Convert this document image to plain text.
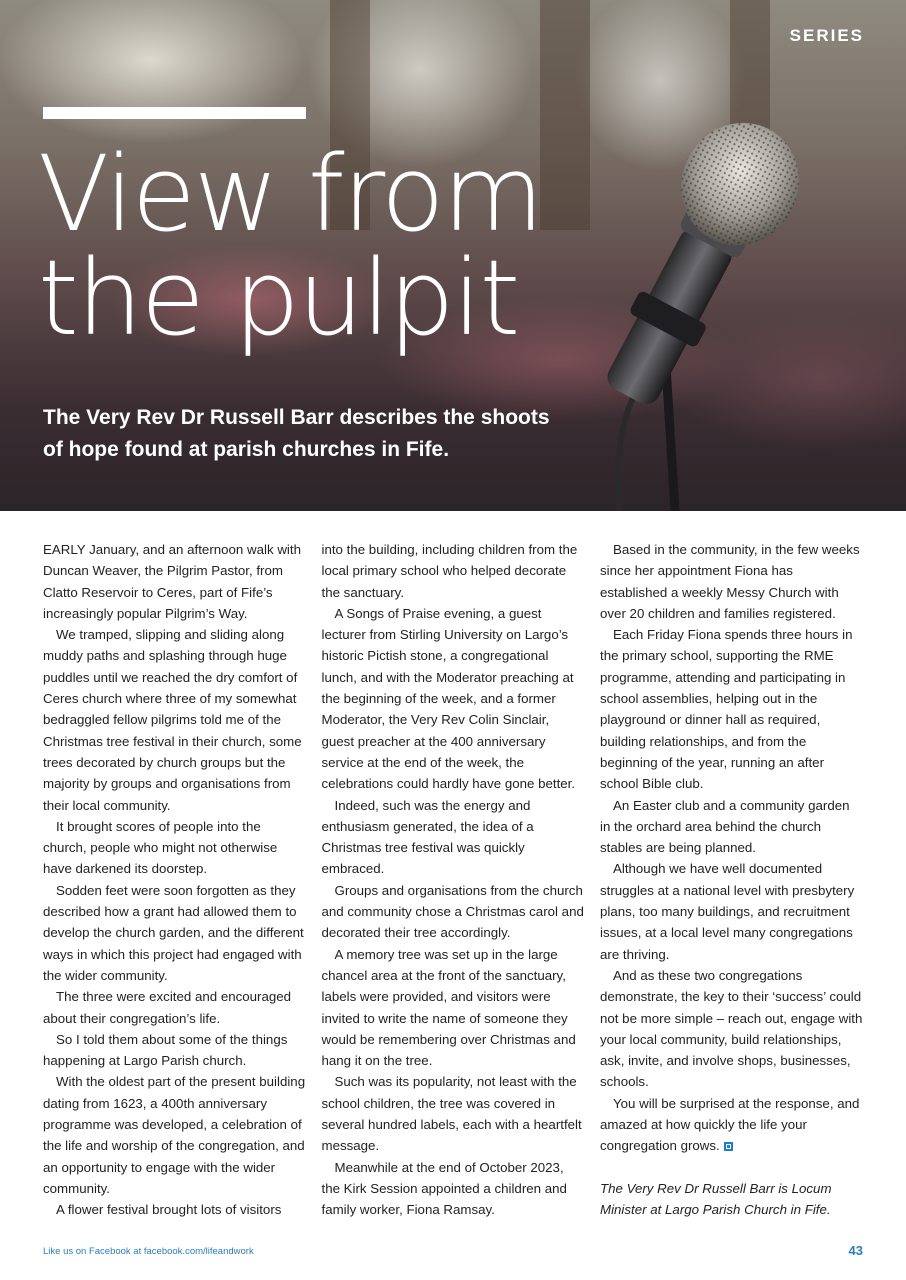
SERIES
View from
the pulpit

The Very Rev Dr Russell Barr describes the shoots of hope found at parish churches in Fife.

EARLY January, and an afternoon walk with Duncan Weaver, the Pilgrim Pastor, from Clatto Reservoir to Ceres, part of Fife’s increasingly popular Pilgrim’s Way.

We tramped, slipping and sliding along muddy paths and splashing through huge puddles until we reached the dry comfort of Ceres church where three of my somewhat bedraggled fellow pilgrims told me of the Christmas tree festival in their church, some trees decorated by church groups but the majority by groups and organisations from their local community.

It brought scores of people into the church, people who might not otherwise have darkened its doorstep.

Sodden feet were soon forgotten as they described how a grant had allowed them to develop the church garden, and the different ways in which this project had engaged with the wider community.

The three were excited and encouraged about their congregation’s life.

So I told them about some of the things happening at Largo Parish church.

With the oldest part of the present building dating from 1623, a 400th anniversary programme was developed, a celebration of the life and worship of the congregation, and an opportunity to engage with the wider community.

A flower festival brought lots of visitors

into the building, including children from the local primary school who helped decorate the sanctuary.

A Songs of Praise evening, a guest lecturer from Stirling University on Largo’s historic Pictish stone, a congregational lunch, and with the Moderator preaching at the beginning of the week, and a former Moderator, the Very Rev Colin Sinclair, guest preacher at the 400 anniversary service at the end of the week, the celebrations could hardly have gone better.

Indeed, such was the energy and enthusiasm generated, the idea of a Christmas tree festival was quickly embraced.

Groups and organisations from the church and community chose a Christmas carol and decorated their tree accordingly.

A memory tree was set up in the large chancel area at the front of the sanctuary, labels were provided, and visitors were invited to write the name of someone they would be remembering over Christmas and hang it on the tree.

Such was its popularity, not least with the school children, the tree was covered in several hundred labels, each with a heartfelt message.

Meanwhile at the end of October 2023, the Kirk Session appointed a children and family worker, Fiona Ramsay.

Based in the community, in the few weeks since her appointment Fiona has established a weekly Messy Church with over 20 children and families registered.

Each Friday Fiona spends three hours in the primary school, supporting the RME programme, attending and participating in school assemblies, helping out in the playground or dinner hall as required, building relationships, and from the beginning of the year, running an after school Bible club.

An Easter club and a community garden in the orchard area behind the church stables are being planned.

Although we have well documented struggles at a national level with presbytery plans, too many buildings, and recruitment issues, at a local level many congregations are thriving.

And as these two congregations demonstrate, the key to their ‘success’ could not be more simple – reach out, engage with your local community, build relationships, ask, invite, and involve shops, businesses, schools.

You will be surprised at the response, and amazed at how quickly the life your congregation grows.

The Very Rev Dr Russell Barr is Locum Minister at Largo Parish Church in Fife.

Like us on Facebook at facebook.com/lifeandwork	43
